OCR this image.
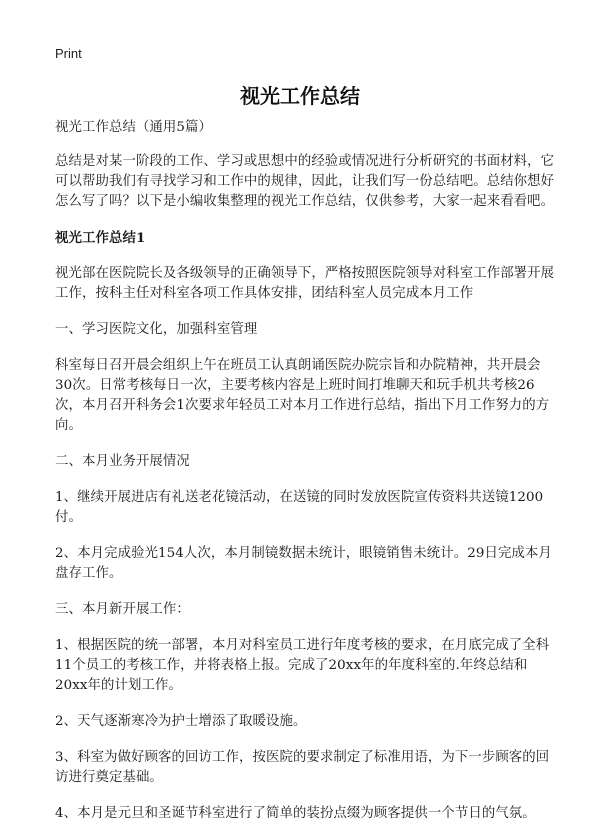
Print
视光工作总结

视光工作总结（通用5篇）

总结是对某一阶段的工作、学习或思想中的经验或情况进行分析研究的书面材料，它可以帮助我们有寻找学习和工作中的规律，因此，让我们写一份总结吧。总结你想好怎么写了吗？以下是小编收集整理的视光工作总结，仅供参考，大家一起来看看吧。

视光工作总结1

视光部在医院院长及各级领导的正确领导下，严格按照医院领导对科室工作部署开展工作，按科主任对科室各项工作具体安排，团结科室人员完成本月工作

一、学习医院文化，加强科室管理

科室每日召开晨会组织上午在班员工认真朗诵医院办院宗旨和办院精神，共开晨会30次。日常考核每日一次，主要考核内容是上班时间打堆聊天和玩手机共考核26次，本月召开科务会1次要求年轻员工对本月工作进行总结，指出下月工作努力的方向。

二、本月业务开展情况

1、继续开展进店有礼送老花镜活动，在送镜的同时发放医院宣传资料共送镜1200付。

2、本月完成验光154人次，本月制镜数据未统计，眼镜销售未统计。29日完成本月盘存工作。

三、本月新开展工作：

1、根据医院的统一部署，本月对科室员工进行年度考核的要求，在月底完成了全科11个员工的考核工作，并将表格上报。完成了20xx年的年度科室的.年终总结和20xx年的计划工作。

2、天气逐渐寒冷为护士增添了取暖设施。

3、科室为做好顾客的回访工作，按医院的要求制定了标准用语，为下一步顾客的回访进行奠定基础。

4、本月是元旦和圣诞节科室进行了简单的装扮点缀为顾客提供一个节日的气氛。
